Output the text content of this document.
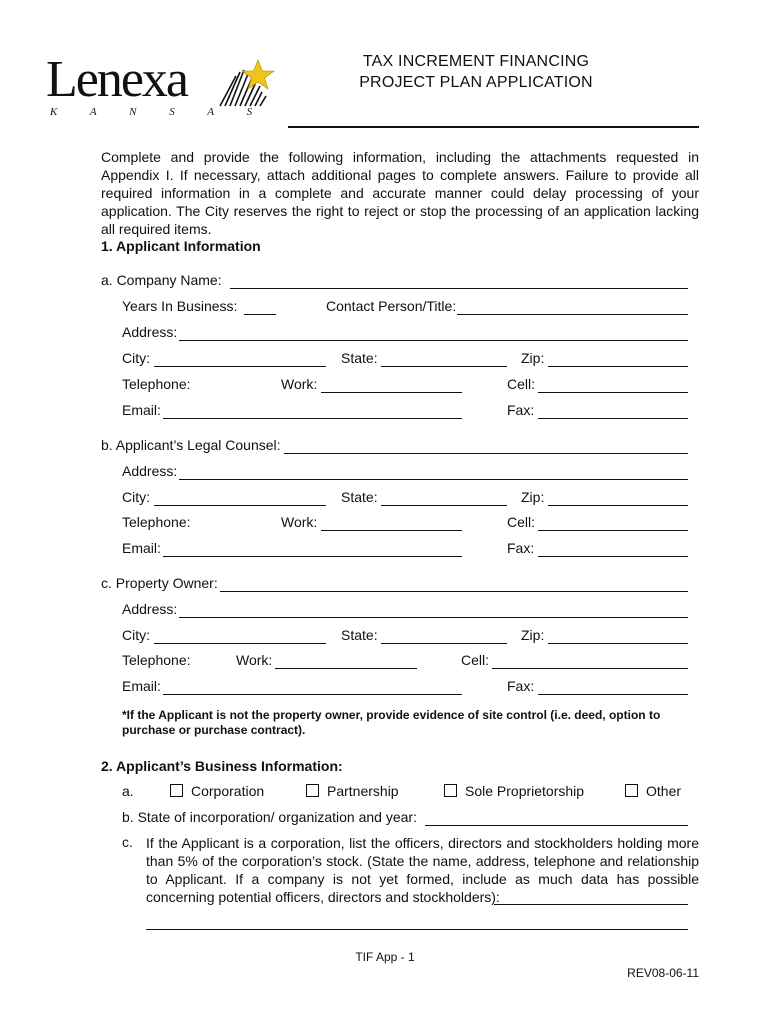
Lenexa
K A N S A S
TAX INCREMENT FINANCING
PROJECT PLAN APPLICATION
Complete and provide the following information, including the attachments requested in Appendix I. If necessary, attach additional pages to complete answers. Failure to provide all required information in a complete and accurate manner could delay processing of your application. The City reserves the right to reject or stop the processing of an application lacking all required items.
1. Applicant Information
a. Company Name:
Years In Business:	Contact Person/Title:
Address:
City:	State:	Zip:
Telephone:	Work:	Cell:
Email:	Fax:
b. Applicant’s Legal Counsel:
Address:
City:	State:	Zip:
Telephone:	Work:	Cell:
Email:	Fax:
c. Property Owner:
Address:
City:	State:	Zip:
Telephone:	Work:	Cell:
Email:	Fax:
*If the Applicant is not the property owner, provide evidence of site control (i.e. deed, option to purchase or purchase contract).
2. Applicant’s Business Information:
a.	Corporation	Partnership	Sole Proprietorship	Other
b. State of incorporation/ organization and year:
c. If the Applicant is a corporation, list the officers, directors and stockholders holding more than 5% of the corporation’s stock. (State the name, address, telephone and relationship to Applicant. If a company is not yet formed, include as much data has possible concerning potential officers, directors and stockholders):
TIF App - 1
REV08-06-11
